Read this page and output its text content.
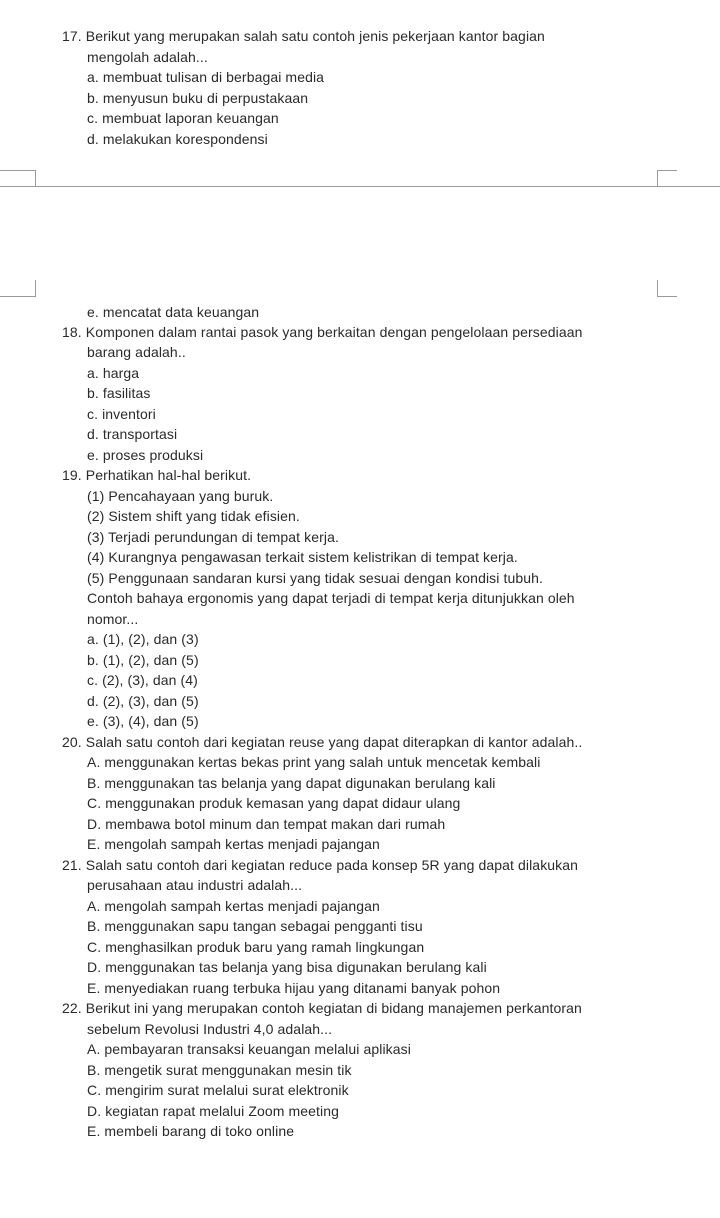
17. Berikut yang merupakan salah satu contoh jenis pekerjaan kantor bagian
mengolah adalah...
a. membuat tulisan di berbagai media
b. menyusun buku di perpustakaan
c. membuat laporan keuangan
d. melakukan korespondensi
e. mencatat data keuangan
18. Komponen dalam rantai pasok yang berkaitan dengan pengelolaan persediaan
barang adalah..
a. harga
b. fasilitas
c. inventori
d. transportasi
e. proses produksi
19. Perhatikan hal-hal berikut.
(1) Pencahayaan yang buruk.
(2) Sistem shift yang tidak efisien.
(3) Terjadi perundungan di tempat kerja.
(4) Kurangnya pengawasan terkait sistem kelistrikan di tempat kerja.
(5) Penggunaan sandaran kursi yang tidak sesuai dengan kondisi tubuh.
Contoh bahaya ergonomis yang dapat terjadi di tempat kerja ditunjukkan oleh
nomor...
a. (1), (2), dan (3)
b. (1), (2), dan (5)
c. (2), (3), dan (4)
d. (2), (3), dan (5)
e. (3), (4), dan (5)
20. Salah satu contoh dari kegiatan reuse yang dapat diterapkan di kantor adalah..
A. menggunakan kertas bekas print yang salah untuk mencetak kembali
B. menggunakan tas belanja yang dapat digunakan berulang kali
C. menggunakan produk kemasan yang dapat didaur ulang
D. membawa botol minum dan tempat makan dari rumah
E. mengolah sampah kertas menjadi pajangan
21. Salah satu contoh dari kegiatan reduce pada konsep 5R yang dapat dilakukan
perusahaan atau industri adalah...
A. mengolah sampah kertas menjadi pajangan
B. menggunakan sapu tangan sebagai pengganti tisu
C. menghasilkan produk baru yang ramah lingkungan
D. menggunakan tas belanja yang bisa digunakan berulang kali
E. menyediakan ruang terbuka hijau yang ditanami banyak pohon
22. Berikut ini yang merupakan contoh kegiatan di bidang manajemen perkantoran
sebelum Revolusi Industri 4,0 adalah...
A. pembayaran transaksi keuangan melalui aplikasi
B. mengetik surat menggunakan mesin tik
C. mengirim surat melalui surat elektronik
D. kegiatan rapat melalui Zoom meeting
E. membeli barang di toko online
